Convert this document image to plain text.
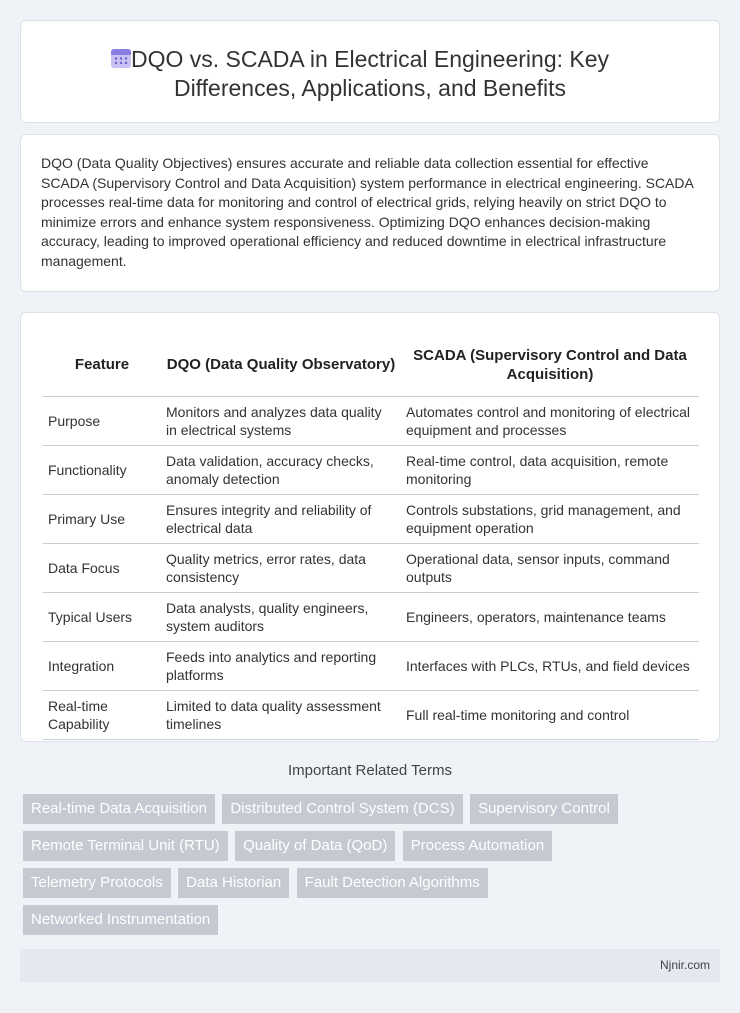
DQO vs. SCADA in Electrical Engineering: Key
Differences, Applications, and Benefits

DQO (Data Quality Objectives) ensures accurate and reliable data collection essential for effective SCADA (Supervisory Control and Data Acquisition) system performance in electrical engineering. SCADA processes real-time data for monitoring and control of electrical grids, relying heavily on strict DQO to minimize errors and enhance system responsiveness. Optimizing DQO enhances decision-making accuracy, leading to improved operational efficiency and reduced downtime in electrical infrastructure management.

Feature	DQO (Data Quality Observatory)	SCADA (Supervisory Control and Data Acquisition)
Purpose	Monitors and analyzes data quality in electrical systems	Automates control and monitoring of electrical equipment and processes
Functionality	Data validation, accuracy checks, anomaly detection	Real-time control, data acquisition, remote monitoring
Primary Use	Ensures integrity and reliability of electrical data	Controls substations, grid management, and equipment operation
Data Focus	Quality metrics, error rates, data consistency	Operational data, sensor inputs, command outputs
Typical Users	Data analysts, quality engineers, system auditors	Engineers, operators, maintenance teams
Integration	Feeds into analytics and reporting platforms	Interfaces with PLCs, RTUs, and field devices
Real-time Capability	Limited to data quality assessment timelines	Full real-time monitoring and control
Important Related Terms
Real-time Data Acquisition Distributed Control System (DCS) Supervisory Control
Remote Terminal Unit (RTU) Quality of Data (QoD) Process Automation
Telemetry Protocols Data Historian Fault Detection Algorithms
Networked Instrumentation
Njnir.com
